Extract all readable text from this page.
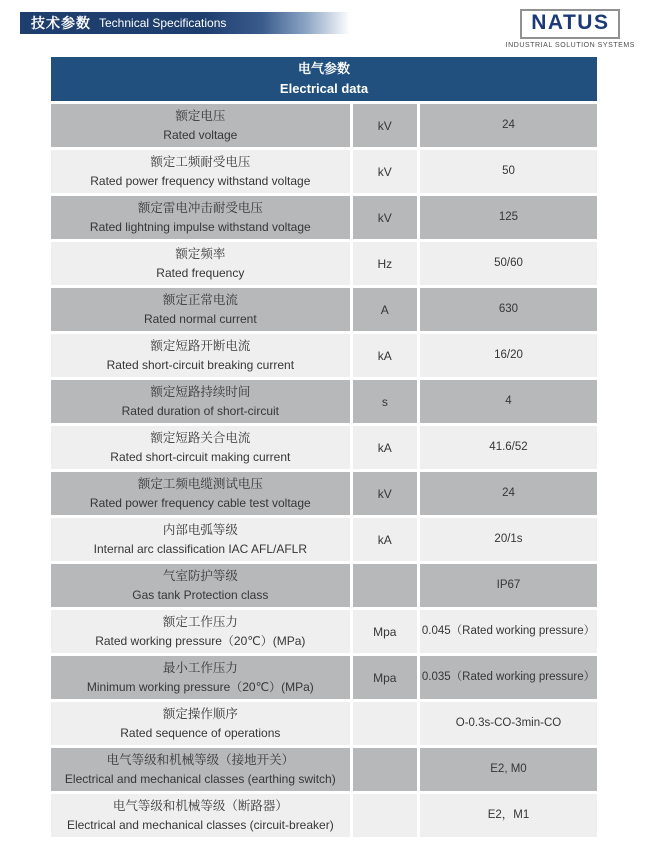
技术参数 Technical Specifications	NATUS
INDUSTRIAL SOLUTION SYSTEMS
电气参数
Electrical data		

额定电压
Rated voltage	kV	24

额定工频耐受电压
Rated power frequency withstand voltage	kV	50

额定雷电冲击耐受电压
Rated lightning impulse withstand voltage	kV	125

额定频率
Rated frequency	Hz	50/60

额定正常电流
Rated normal current	A	630

额定短路开断电流
Rated short-circuit breaking current	kA	16/20

额定短路持续时间
Rated duration of short-circuit	s	4

额定短路关合电流
Rated short-circuit making current	kA	41.6/52

额定工频电缆测试电压
Rated power frequency cable test voltage	kV	24

内部电弧等级
Internal arc classification IAC AFL/AFLR	kA	20/1s

气室防护等级
Gas tank Protection class		IP67

额定工作压力
Rated working pressure（20℃）(MPa)	Mpa	0.045（Rated working pressure）

最小工作压力
Minimum working pressure（20℃）(MPa)	Mpa	0.035（Rated working pressure）

额定操作顺序
Rated sequence of operations		O-0.3s-CO-3min-CO

电气等级和机械等级（接地开关）
Electrical and mechanical classes (earthing switch)		E2, M0

电气等级和机械等级（断路器）
Electrical and mechanical classes (circuit-breaker)		E2，M1
